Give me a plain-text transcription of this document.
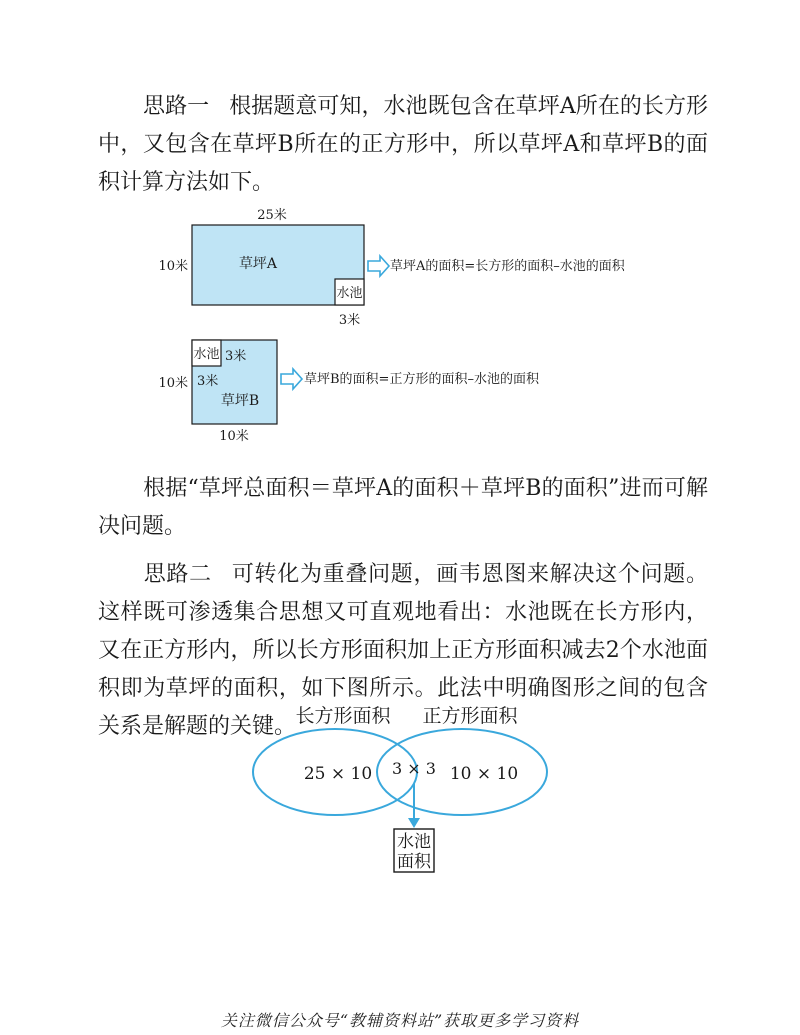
思路一 根据题意可知，水池既包含在草坪A所在的长方形中，又包含在草坪B所在的正方形中，所以草坪A和草坪B的面积计算方法如下。

25米
10米	草坪A
水池
3米
草坪A的面积=长方形的面积–水池的面积
水池 3米
3米
10米
草坪B
10米
草坪B的面积=正方形的面积–水池的面积

根据“草坪总面积＝草坪A的面积＋草坪B的面积”进而可解决问题。

思路二 可转化为重叠问题，画韦恩图来解决这个问题。这样既可渗透集合思想又可直观地看出：水池既在长方形内，又在正方形内，所以长方形面积加上正方形面积减去2个水池面积即为草坪的面积，如下图所示。此法中明确图形之间的包含关系是解题的关键。 长方形面积 正方形面积
25 × 10 3 × 3 10 × 10
水池
面积
关注微信公众号“教辅资料站”获取更多学习资料
